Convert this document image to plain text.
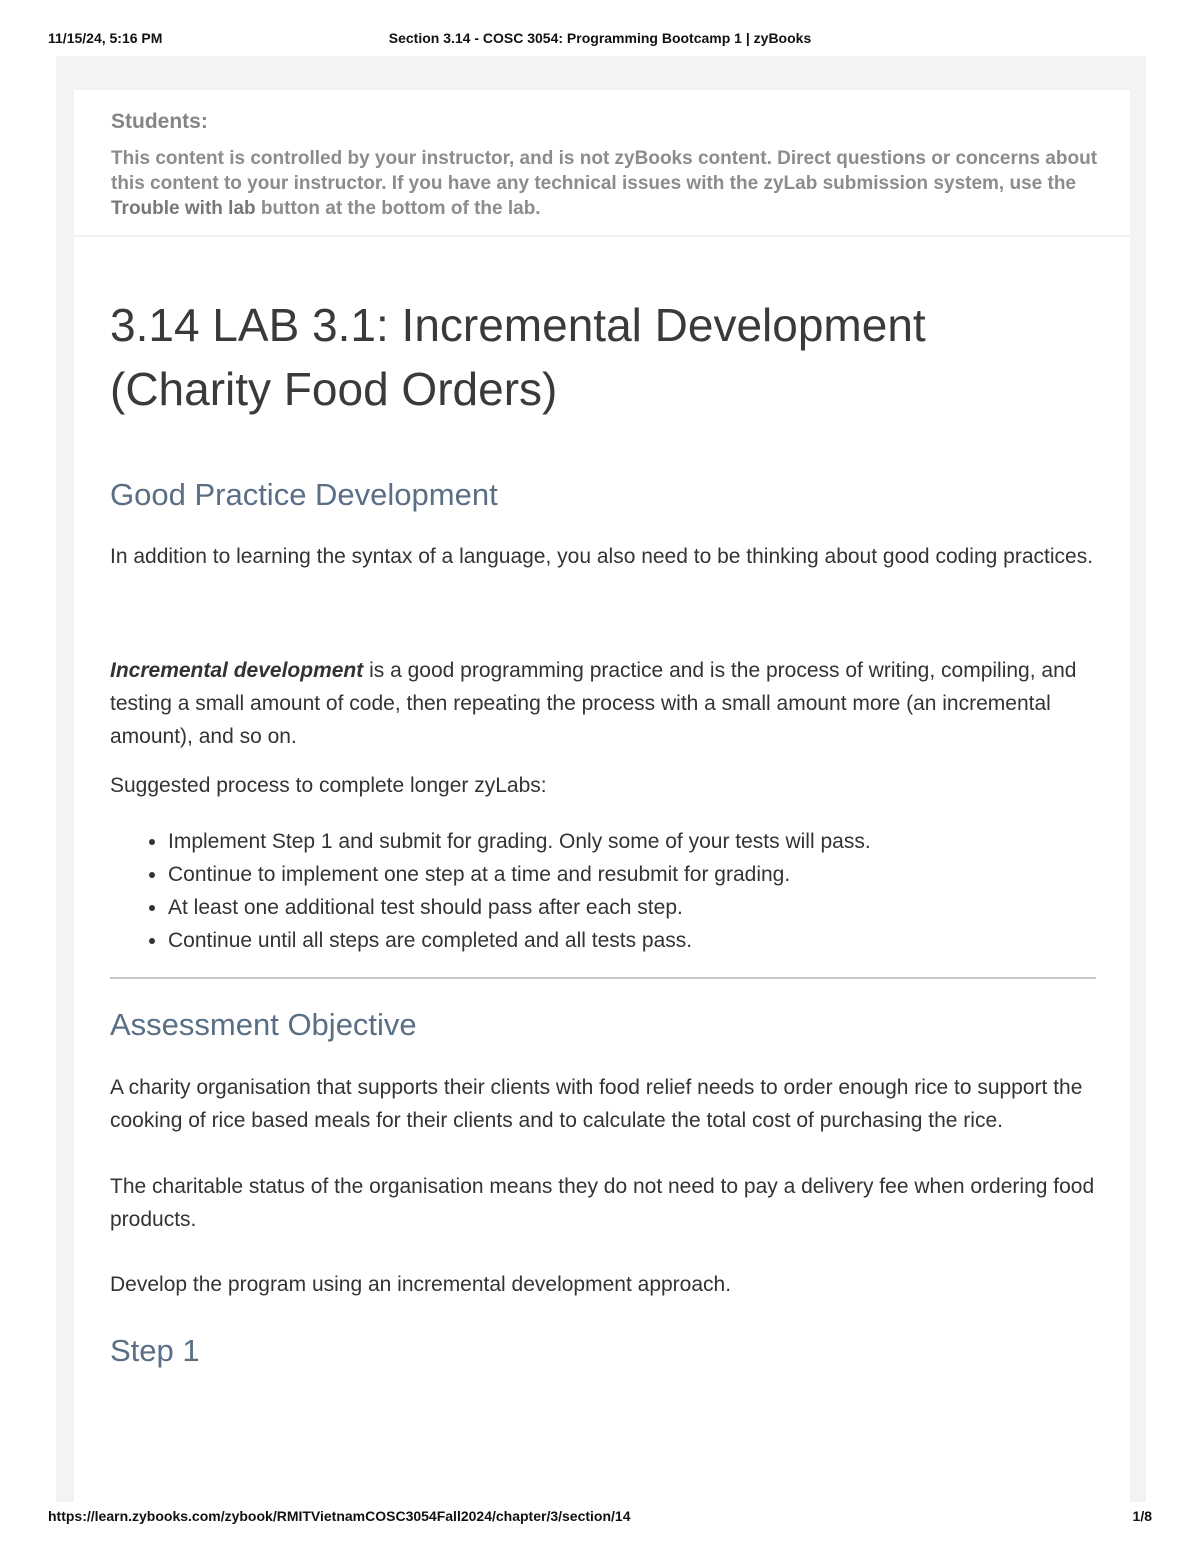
11/15/24, 5:16 PM	Section 3.14 - COSC 3054: Programming Bootcamp 1 | zyBooks
Students:
This content is controlled by your instructor, and is not zyBooks content. Direct questions or concerns about this content to your instructor. If you have any technical issues with the zyLab submission system, use the Trouble with lab button at the bottom of the lab.
3.14 LAB 3.1: Incremental Development (Charity Food Orders)
Good Practice Development

In addition to learning the syntax of a language, you also need to be thinking about good coding practices.

Incremental development is a good programming practice and is the process of writing, compiling, and testing a small amount of code, then repeating the process with a small amount more (an incremental amount), and so on.

Suggested process to complete longer zyLabs:

• Implement Step 1 and submit for grading. Only some of your tests will pass.
• Continue to implement one step at a time and resubmit for grading.
• At least one additional test should pass after each step.
• Continue until all steps are completed and all tests pass.
Assessment Objective

A charity organisation that supports their clients with food relief needs to order enough rice to support the cooking of rice based meals for their clients and to calculate the total cost of purchasing the rice.

The charitable status of the organisation means they do not need to pay a delivery fee when ordering food products.

Develop the program using an incremental development approach.

Step 1
https://learn.zybooks.com/zybook/RMITVietnamCOSC3054Fall2024/chapter/3/section/14	1/8
